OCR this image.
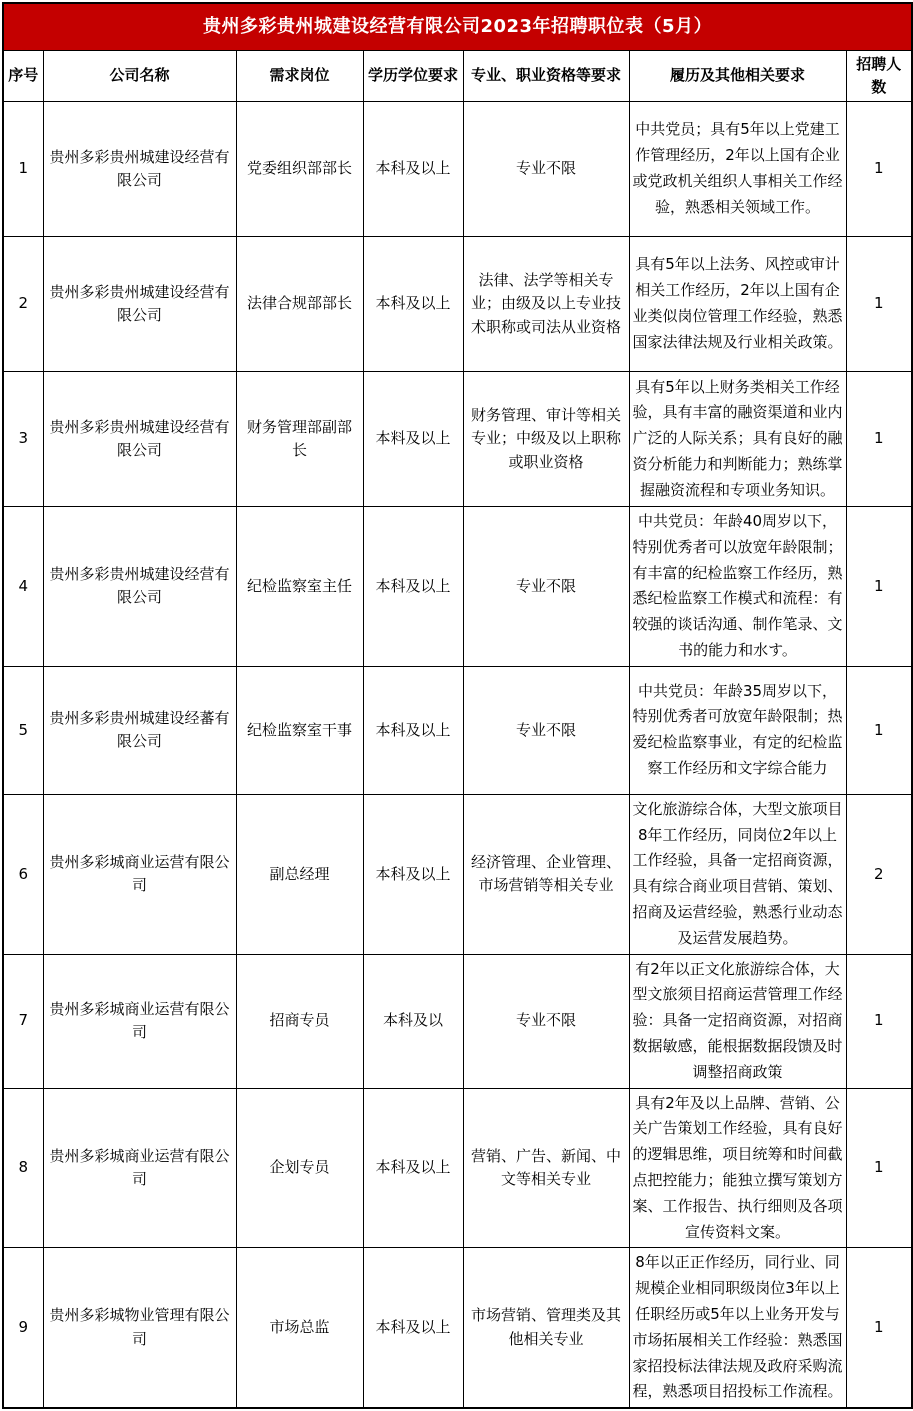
贵州多彩贵州城建设经营有限公司2023年招聘职位表（5月）						
序号	公司名称	需求岗位	学历学位要求	专业、职业资格等要求	履历及其他相关要求	招聘人数
1	贵州多彩贵州城建设经营有限公司	党委组织部部长	本科及以上	专业不限	中共党员；具有5年以上党建工作管理经历，2年以上国有企业或党政机关组织人事相关工作经验，熟悉相关领域工作。	1
2	贵州多彩贵州城建设经营有限公司	法律合规部部长	本科及以上	法律、法学等相关专业；由级及以上专业技术职称或司法从业资格	具有5年以上法务、风控或审计相关工作经历，2年以上国有企业类似岗位管理工作经验，熟悉国家法律法规及行业相关政策。	1
3	贵州多彩贵州城建设经营有限公司	财务管理部副部长	本料及以上	财务管理、审计等相关专业；中级及以上职称或职业资格	具有5年以上财务类相关工作经验，具有丰富的融资渠道和业内广泛的人际关系；具有良好的融资分析能力和判断能力；熟练掌握融资流程和专项业务知识。	1
4	贵州多彩贵州城建设经营有限公司	纪检监察室主任	本科及以上	专业不限	中共党员：年龄40周岁以下，特别优秀者可以放宽年龄限制；有丰富的纪检监察工作经历，熟悉纪检监察工作模式和流程：有较强的谈话沟通、制作笔录、文书的能力和水す。	1
5	贵州多彩贵州城建设经蕃有限公司	纪检监察室干事	本科及以上	专业不限	中共党员：年龄35周岁以下，特别优秀者可放宽年龄限制；热爱纪检监察事业，有定的纪检监察工作经历和文字综合能力	1
6	贵州多彩城商业运营有限公司	副总经理	本科及以上	经济管理、企业管理、市场营销等相关专业	文化旅游综合体，大型文旅项目8年工作经历，同岗位2年以上工作经验，具备一定招商资源，具有综合商业项目营销、策划、招商及运营经验，熟悉行业动态及运营发展趋势。	2
7	贵州多彩城商业运营有限公司	招商专员	本科及以	专业不限	有2年以正文化旅游综合体，大型文旅须目招商运营管理工作经验：具备一定招商资源，对招商数据敏感，能根据数据段馈及时调整招商政策	1
8	贵州多彩城商业运营有限公司	企划专员	本科及以上	营销、广告、新闻、中文等相关专业	具有2年及以上品牌、营销、公关广告策划工作经验，具有良好的逻辑思维，项目统筹和时间截点把控能力；能独立撰写策划方案、工作报告、执行细则及各项宣传资料文案。	1
9	贵州多彩城物业管理有限公司	市场总监	本科及以上	市场营销、管理类及其他相关专业	8年以正正作经历，同行业、同规模企业相同职级岗位3年以上任职经历或5年以上业务开发与市场拓展相关工作经验：熟悉国家招投标法律法规及政府采购流程，熟悉项目招投标工作流程。	1
